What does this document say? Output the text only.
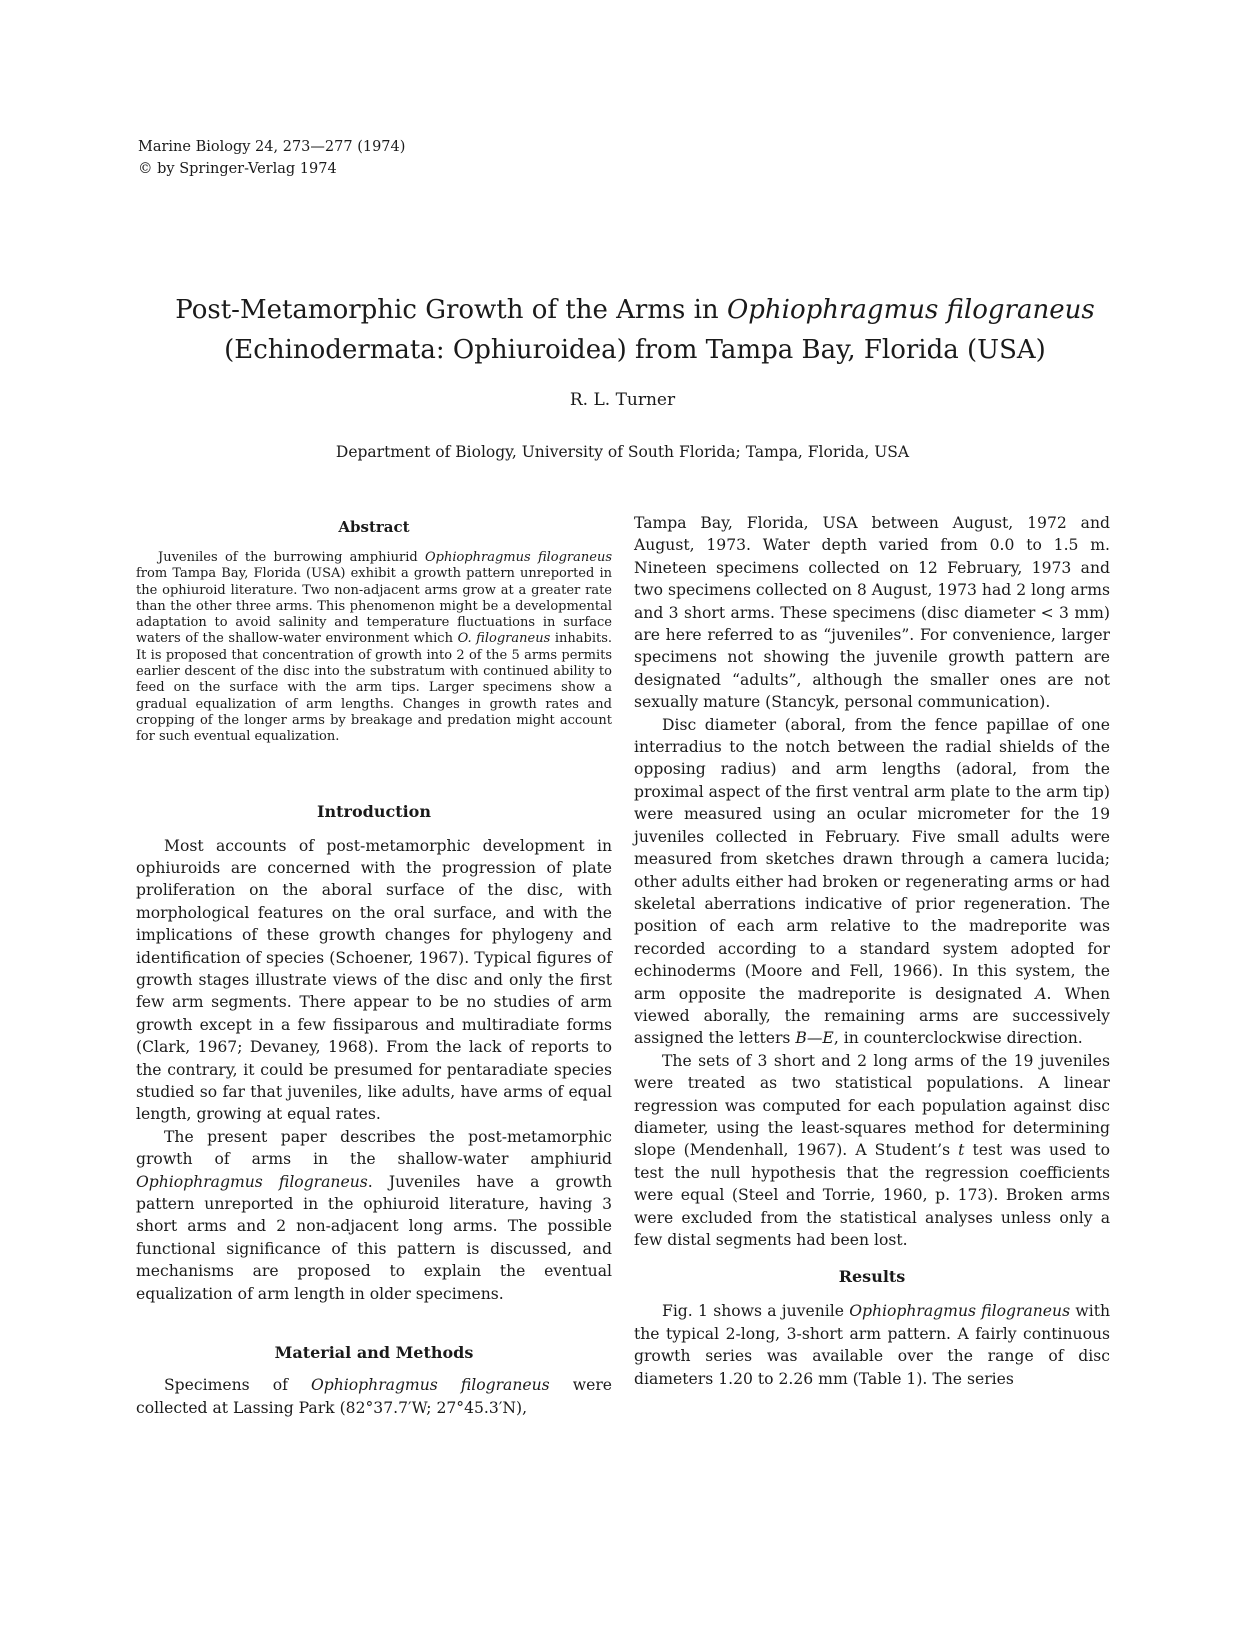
Marine Biology 24, 273—277 (1974)
© by Springer-Verlag 1974
Post-Metamorphic Growth of the Arms in Ophiophragmus filograneus
(Echinodermata: Ophiuroidea) from Tampa Bay, Florida (USA)
R. L. Turner
Department of Biology, University of South Florida; Tampa, Florida, USA
Abstract

Juveniles of the burrowing amphiurid Ophiophragmus filograneus from Tampa Bay, Florida (USA) exhibit a growth pattern unreported in the ophiuroid literature. Two non-adjacent arms grow at a greater rate than the other three arms. This phenomenon might be a developmental adaptation to avoid salinity and temperature fluctuations in surface waters of the shallow-water environment which O. filograneus inhabits. It is proposed that concentration of growth into 2 of the 5 arms permits earlier descent of the disc into the substratum with continued ability to feed on the surface with the arm tips. Larger specimens show a gradual equalization of arm lengths. Changes in growth rates and cropping of the longer arms by breakage and predation might account for such eventual equalization.

Introduction

Most accounts of post-metamorphic development in ophiuroids are concerned with the progression of plate proliferation on the aboral surface of the disc, with morphological features on the oral surface, and with the implications of these growth changes for phylogeny and identification of species (Schoener, 1967). Typical figures of growth stages illustrate views of the disc and only the first few arm segments. There appear to be no studies of arm growth except in a few fissiparous and multiradiate forms (Clark, 1967; Devaney, 1968). From the lack of reports to the contrary, it could be presumed for pentaradiate species studied so far that juveniles, like adults, have arms of equal length, growing at equal rates.

The present paper describes the post-metamorphic growth of arms in the shallow-water amphiurid Ophiophragmus filograneus. Juveniles have a growth pattern unreported in the ophiuroid literature, having 3 short arms and 2 non-adjacent long arms. The possible functional significance of this pattern is discussed, and mechanisms are proposed to explain the eventual equalization of arm length in older specimens.

Material and Methods

Specimens of Ophiophragmus filograneus were collected at Lassing Park (82°37.7′W; 27°45.3′N),

Tampa Bay, Florida, USA between August, 1972 and August, 1973. Water depth varied from 0.0 to 1.5 m. Nineteen specimens collected on 12 February, 1973 and two specimens collected on 8 August, 1973 had 2 long arms and 3 short arms. These specimens (disc diameter < 3 mm) are here referred to as “juveniles”. For convenience, larger specimens not showing the juvenile growth pattern are designated “adults”, although the smaller ones are not sexually mature (Stancyk, personal communication).

Disc diameter (aboral, from the fence papillae of one interradius to the notch between the radial shields of the opposing radius) and arm lengths (adoral, from the proximal aspect of the first ventral arm plate to the arm tip) were measured using an ocular micrometer for the 19 juveniles collected in February. Five small adults were measured from sketches drawn through a camera lucida; other adults either had broken or regenerating arms or had skeletal aberrations indicative of prior regeneration. The position of each arm relative to the madreporite was recorded according to a standard system adopted for echinoderms (Moore and Fell, 1966). In this system, the arm opposite the madreporite is designated A. When viewed aborally, the remaining arms are successively assigned the letters B—E, in counterclockwise direction.

The sets of 3 short and 2 long arms of the 19 juveniles were treated as two statistical populations. A linear regression was computed for each population against disc diameter, using the least-squares method for determining slope (Mendenhall, 1967). A Student’s t test was used to test the null hypothesis that the regression coefficients were equal (Steel and Torrie, 1960, p. 173). Broken arms were excluded from the statistical analyses unless only a few distal segments had been lost.

Results

Fig. 1 shows a juvenile Ophiophragmus filograneus with the typical 2-long, 3-short arm pattern. A fairly continuous growth series was available over the range of disc diameters 1.20 to 2.26 mm (Table 1). The series
